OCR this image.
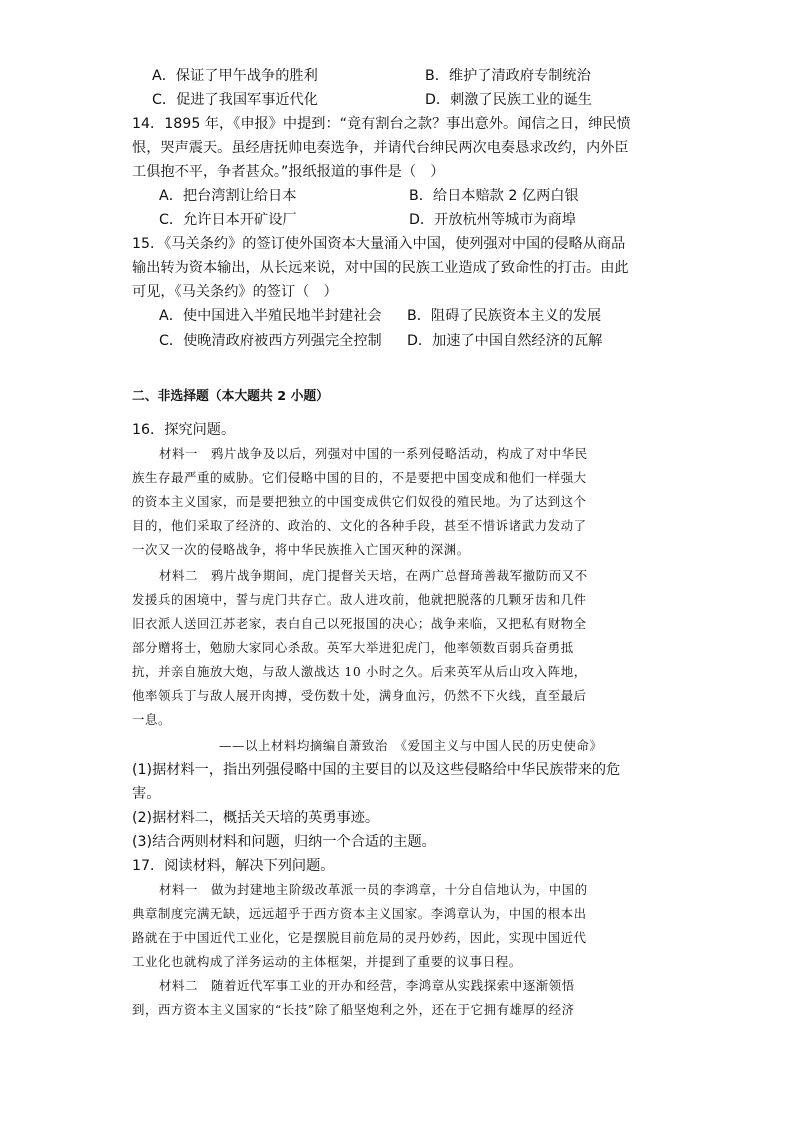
A．保证了甲午战争的胜利	B．维护了清政府专制统治
C．促进了我国军事近代化	D．刺激了民族工业的诞生
14．1895 年，《申报》中提到：“竟有割台之款？事出意外。闻信之日，绅民愤
恨，哭声震天。虽经唐抚帅电奏选争，并请代台绅民两次电奏恳求改约，内外臣
工俱抱不平，争者甚众。”报纸报道的事件是（　）
A．把台湾割让给日本	B．给日本赔款 2 亿两白银
C．允许日本开矿设厂	D．开放杭州等城市为商埠
15．《马关条约》的签订使外国资本大量涌入中国，使列强对中国的侵略从商品
输出转为资本输出，从长远来说，对中国的民族工业造成了致命性的打击。由此
可见，《马关条约》的签订（　）
A．使中国进入半殖民地半封建社会 B．阻碍了民族资本主义的发展
C．使晚清政府被西方列强完全控制 D．加速了中国自然经济的瓦解
二、非选择题（本大题共 2 小题）
16．探究问题。
材料一　鸦片战争及以后，列强对中国的一系列侵略活动，构成了对中华民
族生存最严重的威胁。它们侵略中国的目的，不是要把中国变成和他们一样强大
的资本主义国家，而是要把独立的中国变成供它们奴役的殖民地。为了达到这个
目的，他们采取了经济的、政治的、文化的各种手段，甚至不惜诉诸武力发动了
一次又一次的侵略战争，将中华民族推入亡国灭种的深渊。
材料二　鸦片战争期间，虎门提督关天培，在两广总督琦善裁军撤防而又不
发援兵的困境中，誓与虎门共存亡。敌人进攻前，他就把脱落的几颗牙齿和几件
旧衣派人送回江苏老家，表白自己以死报国的决心；战争来临，又把私有财物全
部分赠将士，勉励大家同心杀敌。英军大举进犯虎门，他率领数百弱兵奋勇抵
抗，并亲自施放大炮，与敌人激战达 10 小时之久。后来英军从后山攻入阵地，
他率领兵丁与敌人展开肉搏，受伤数十处，满身血污，仍然不下火线，直至最后
一息。
——以上材料均摘编自萧致治　《爱国主义与中国人民的历史使命》
(1)据材料一，指出列强侵略中国的主要目的以及这些侵略给中华民族带来的危
害。
(2)据材料二，概括关天培的英勇事迹。
(3)结合两则材料和问题，归纳一个合适的主题。
17．阅读材料，解决下列问题。
材料一　做为封建地主阶级改革派一员的李鸿章，十分自信地认为，中国的
典章制度完满无缺，远远超乎于西方资本主义国家。李鸿章认为，中国的根本出
路就在于中国近代工业化，它是摆脱目前危局的灵丹妙药，因此，实现中国近代
工业化也就构成了洋务运动的主体框架，并提到了重要的议事日程。
材料二　随着近代军事工业的开办和经营，李鸿章从实践探索中逐渐领悟
到，西方资本主义国家的“长技”除了船坚炮利之外，还在于它拥有雄厚的经济
